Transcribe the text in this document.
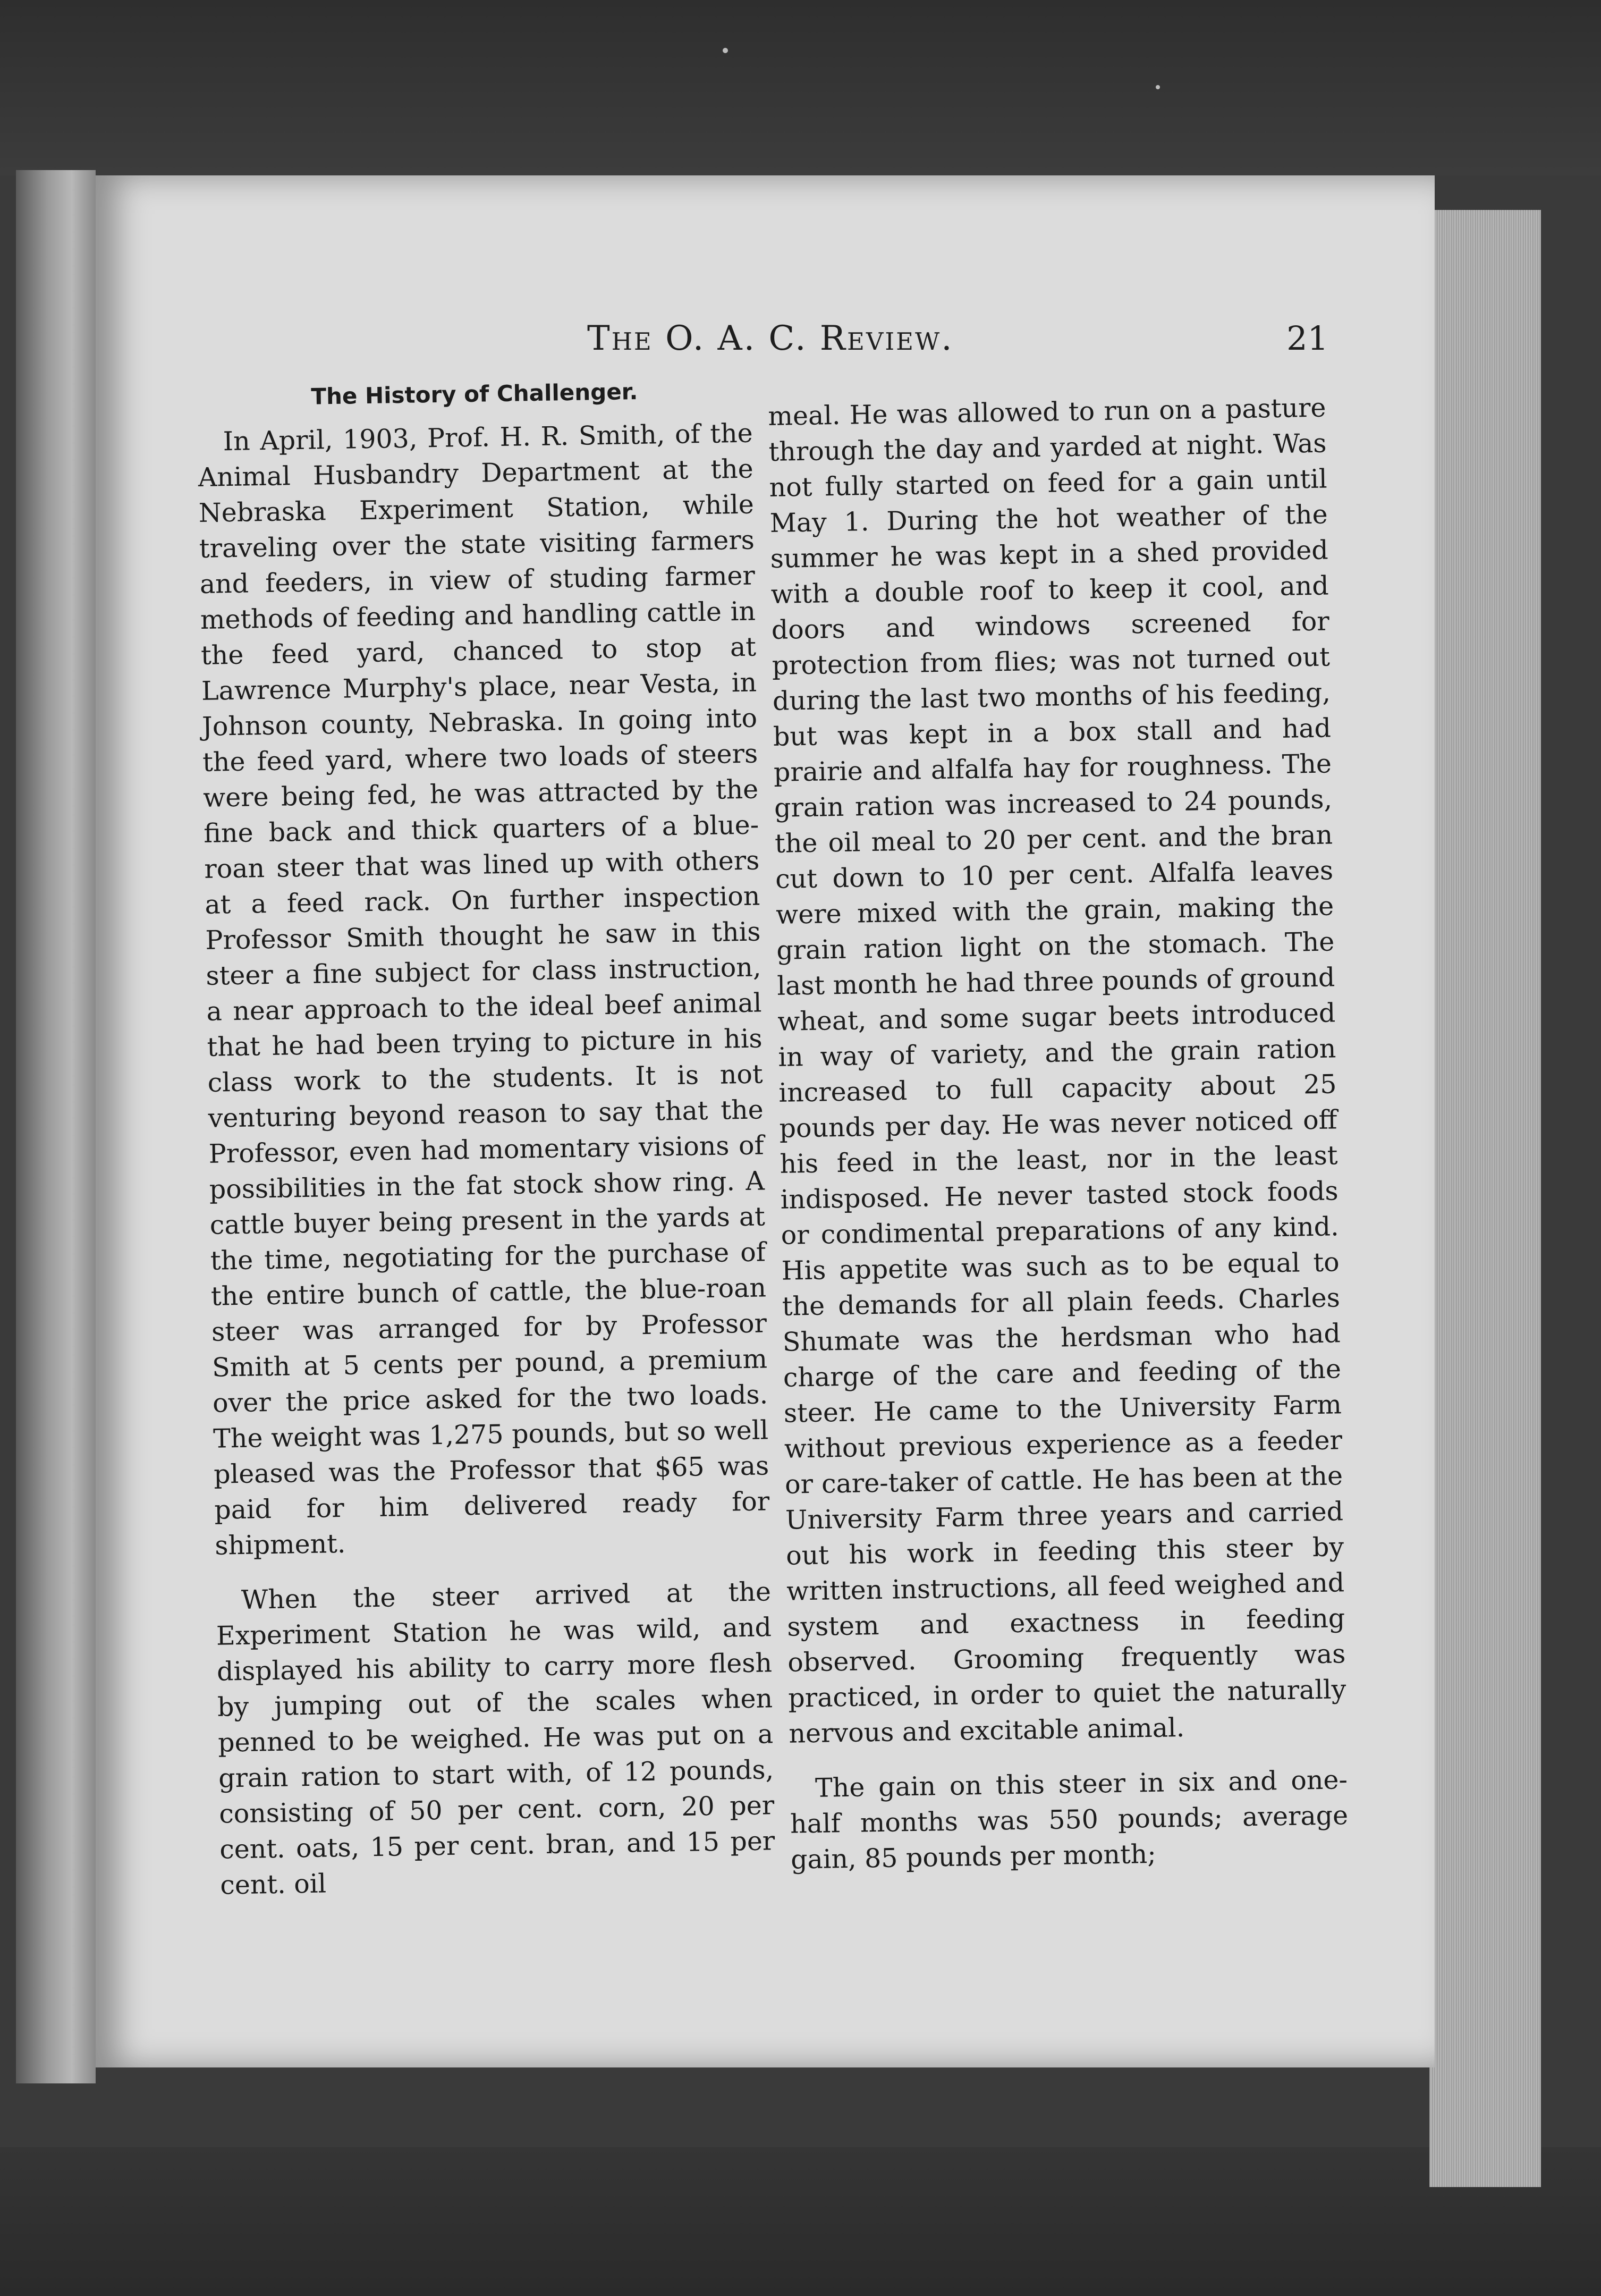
The O. A. C. Review.	21
The History of Challenger.

In April, 1903, Prof. H. R. Smith, of the Animal Husbandry Department at the Nebraska Experiment Station, while traveling over the state visiting farmers and feeders, in view of studing farmer methods of feeding and handling cattle in the feed yard, chanced to stop at Lawrence Murphy's place, near Vesta, in Johnson county, Nebraska. In going into the feed yard, where two loads of steers were being fed, he was attracted by the fine back and thick quarters of a blue-roan steer that was lined up with others at a feed rack. On further inspection Professor Smith thought he saw in this steer a fine subject for class instruction, a near approach to the ideal beef animal that he had been trying to picture in his class work to the students. It is not venturing beyond reason to say that the Professor, even had momentary visions of possibilities in the fat stock show ring. A cattle buyer being present in the yards at the time, negotiating for the purchase of the entire bunch of cattle, the blue-roan steer was arranged for by Professor Smith at 5 cents per pound, a premium over the price asked for the two loads. The weight was 1,275 pounds, but so well pleased was the Professor that $65 was paid for him delivered ready for shipment.

When the steer arrived at the Experiment Station he was wild, and displayed his ability to carry more flesh by jumping out of the scales when penned to be weighed. He was put on a grain ration to start with, of 12 pounds, consisting of 50 per cent. corn, 20 per cent. oats, 15 per cent. bran, and 15 per cent. oil

meal. He was allowed to run on a pasture through the day and yarded at night. Was not fully started on feed for a gain until May 1. During the hot weather of the summer he was kept in a shed provided with a double roof to keep it cool, and doors and windows screened for protection from flies; was not turned out during the last two months of his feeding, but was kept in a box stall and had prairie and alfalfa hay for roughness. The grain ration was increased to 24 pounds, the oil meal to 20 per cent. and the bran cut down to 10 per cent. Alfalfa leaves were mixed with the grain, making the grain ration light on the stomach. The last month he had three pounds of ground wheat, and some sugar beets introduced in way of variety, and the grain ration increased to full capacity about 25 pounds per day. He was never noticed off his feed in the least, nor in the least indisposed. He never tasted stock foods or condimental preparations of any kind. His appetite was such as to be equal to the demands for all plain feeds. Charles Shumate was the herdsman who had charge of the care and feeding of the steer. He came to the University Farm without previous experience as a feeder or care-taker of cattle. He has been at the University Farm three years and carried out his work in feeding this steer by written instructions, all feed weighed and system and exactness in feeding observed. Grooming frequently was practiced, in order to quiet the naturally nervous and excitable animal.

The gain on this steer in six and one-half months was 550 pounds; average gain, 85 pounds per month;
